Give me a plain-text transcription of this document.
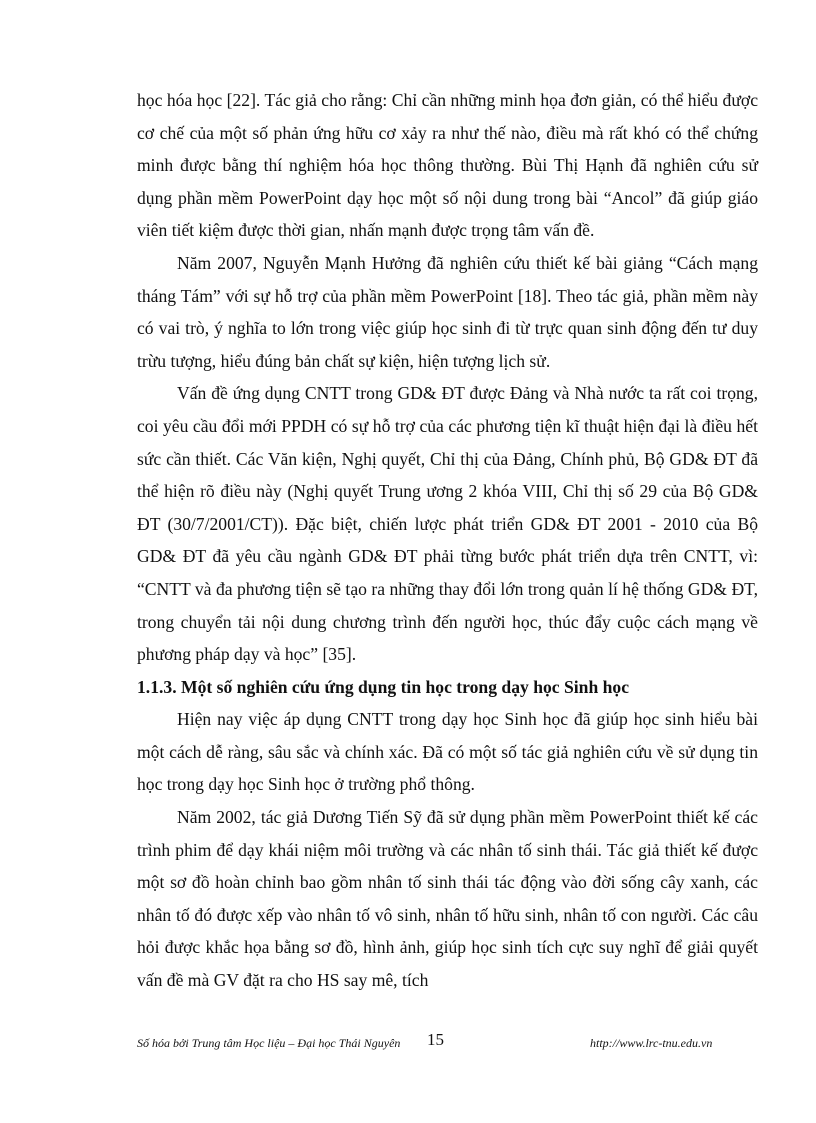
học hóa học [22]. Tác giả cho rằng: Chỉ cần những minh họa đơn giản, có thể hiểu được cơ chế của một số phản ứng hữu cơ xảy ra như thế nào, điều mà rất khó có thể chứng minh được bằng thí nghiệm hóa học thông thường. Bùi Thị Hạnh đã nghiên cứu sử dụng phần mềm PowerPoint dạy học một số nội dung trong bài “Ancol” đã giúp giáo viên tiết kiệm được thời gian, nhấn mạnh được trọng tâm vấn đề.

Năm 2007, Nguyễn Mạnh Hưởng đã nghiên cứu thiết kế bài giảng “Cách mạng tháng Tám” với sự hỗ trợ của phần mềm PowerPoint [18]. Theo tác giả, phần mềm này có vai trò, ý nghĩa to lớn trong việc giúp học sinh đi từ trực quan sinh động đến tư duy trừu tượng, hiểu đúng bản chất sự kiện, hiện tượng lịch sử.

Vấn đề ứng dụng CNTT trong GD& ĐT được Đảng và Nhà nước ta rất coi trọng, coi yêu cầu đổi mới PPDH có sự hỗ trợ của các phương tiện kĩ thuật hiện đại là điều hết sức cần thiết. Các Văn kiện, Nghị quyết, Chỉ thị của Đảng, Chính phủ, Bộ GD& ĐT đã thể hiện rõ điều này (Nghị quyết Trung ương 2 khóa VIII, Chỉ thị số 29 của Bộ GD& ĐT (30/7/2001/CT)). Đặc biệt, chiến lược phát triển GD& ĐT 2001 - 2010 của Bộ GD& ĐT đã yêu cầu ngành GD& ĐT phải từng bước phát triển dựa trên CNTT, vì: “CNTT và đa phương tiện sẽ tạo ra những thay đổi lớn trong quản lí hệ thống GD& ĐT, trong chuyển tải nội dung chương trình đến người học, thúc đẩy cuộc cách mạng về phương pháp dạy và học” [35].

1.1.3. Một số nghiên cứu ứng dụng tin học trong dạy học Sinh học

Hiện nay việc áp dụng CNTT trong dạy học Sinh học đã giúp học sinh hiểu bài một cách dễ ràng, sâu sắc và chính xác. Đã có một số tác giả nghiên cứu về sử dụng tin học trong dạy học Sinh học ở trường phổ thông.

Năm 2002, tác giả Dương Tiến Sỹ đã sử dụng phần mềm PowerPoint thiết kế các trình phim để dạy khái niệm môi trường và các nhân tố sinh thái. Tác giả thiết kế được một sơ đồ hoàn chỉnh bao gồm nhân tố sinh thái tác động vào đời sống cây xanh, các nhân tố đó được xếp vào nhân tố vô sinh, nhân tố hữu sinh, nhân tố con người. Các câu hỏi được khắc họa bằng sơ đồ, hình ảnh, giúp học sinh tích cực suy nghĩ để giải quyết vấn đề mà GV đặt ra cho HS say mê, tích

Số hóa bởi Trung tâm Học liệu – Đại học Thái Nguyên 15	http://www.lrc-tnu.edu.vn
